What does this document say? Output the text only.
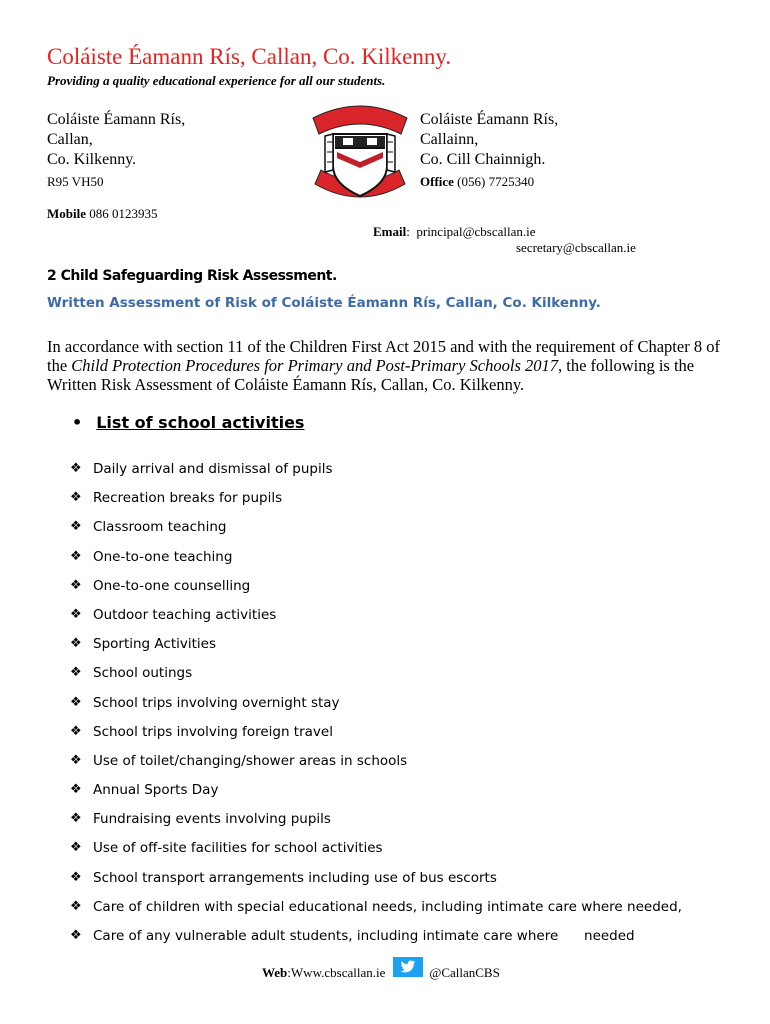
Coláiste Éamann Rís, Callan, Co. Kilkenny.
Providing a quality educational experience for all our students.
Coláiste Éamann Rís,
Callan,
Co. Kilkenny.
R95 VH50
Coláiste Éamann Rís,
Callainn,
Co. Cill Chainnigh.
Office (056) 7725340
Mobile 086 0123935
Email:  principal@cbscallan.ie
secretary@cbscallan.ie
2 Child Safeguarding Risk Assessment.
Written Assessment of Risk of Coláiste Éamann Rís, Callan, Co. Kilkenny.
In accordance with section 11 of the Children First Act 2015 and with the requirement of Chapter 8 of the Child Protection Procedures for Primary and Post-Primary Schools 2017, the following is the Written Risk Assessment of Coláiste Éamann Rís, Callan, Co. Kilkenny.
• List of school activities
❖ Daily arrival and dismissal of pupils
❖ Recreation breaks for pupils
❖ Classroom teaching
❖ One-to-one teaching
❖ One-to-one counselling
❖ Outdoor teaching activities
❖ Sporting Activities
❖ School outings
❖ School trips involving overnight stay
❖ School trips involving foreign travel
❖ Use of toilet/changing/shower areas in schools
❖ Annual Sports Day
❖ Fundraising events involving pupils
❖ Use of off-site facilities for school activities
❖ School transport arrangements including use of bus escorts
❖ Care of children with special educational needs, including intimate care where needed,
❖ Care of any vulnerable adult students, including intimate care where      needed
Web :Www.cbscallan.ie	@CallanCBS
